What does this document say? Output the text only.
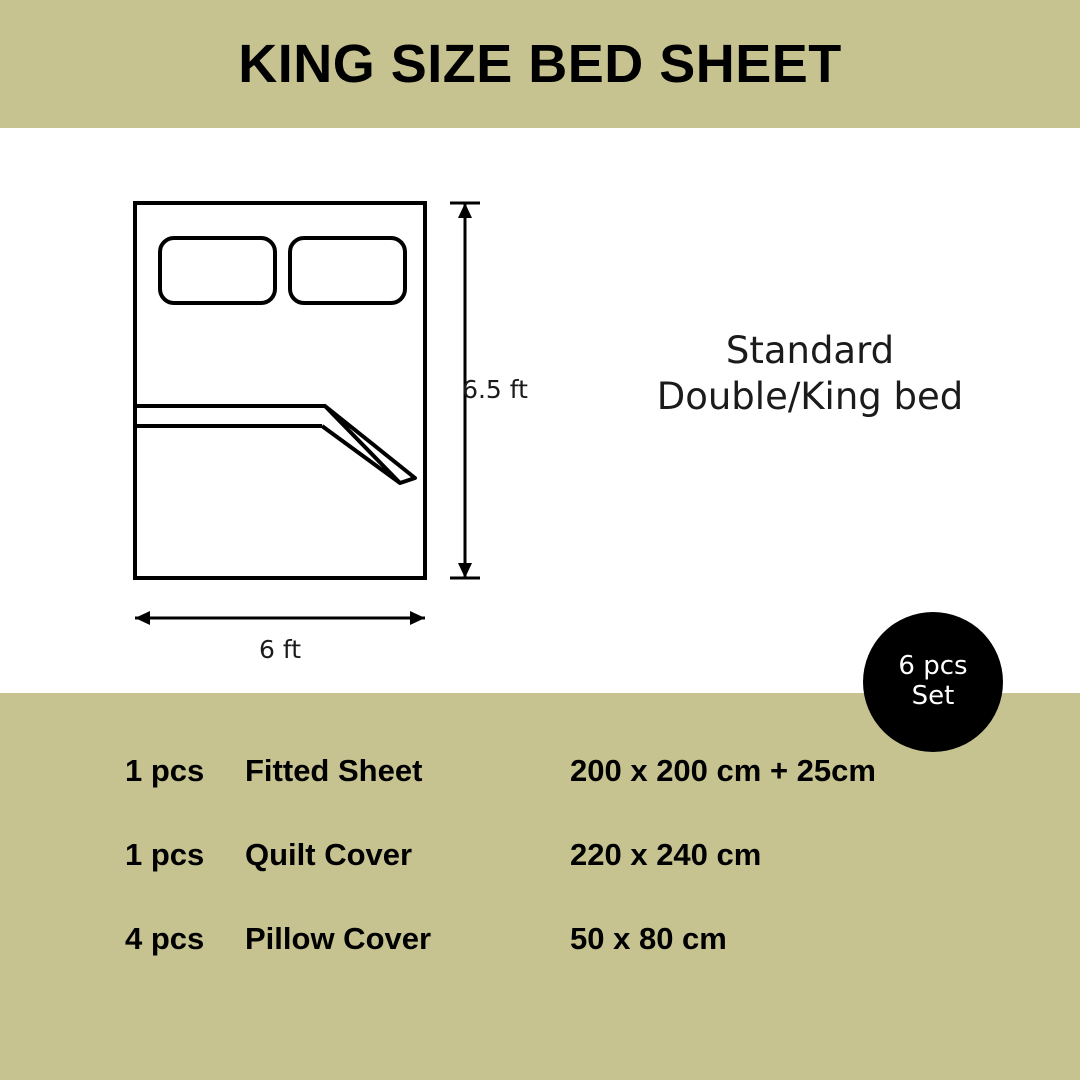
KING SIZE BED SHEET
6.5 ft
6 ft
Standard
Double/King bed
1 pcs	Fitted Sheet	200 x 200 cm + 25cm
1 pcs	Quilt Cover	220 x 240 cm
4 pcs	Pillow Cover	50 x 80 cm
6 pcs
Set
